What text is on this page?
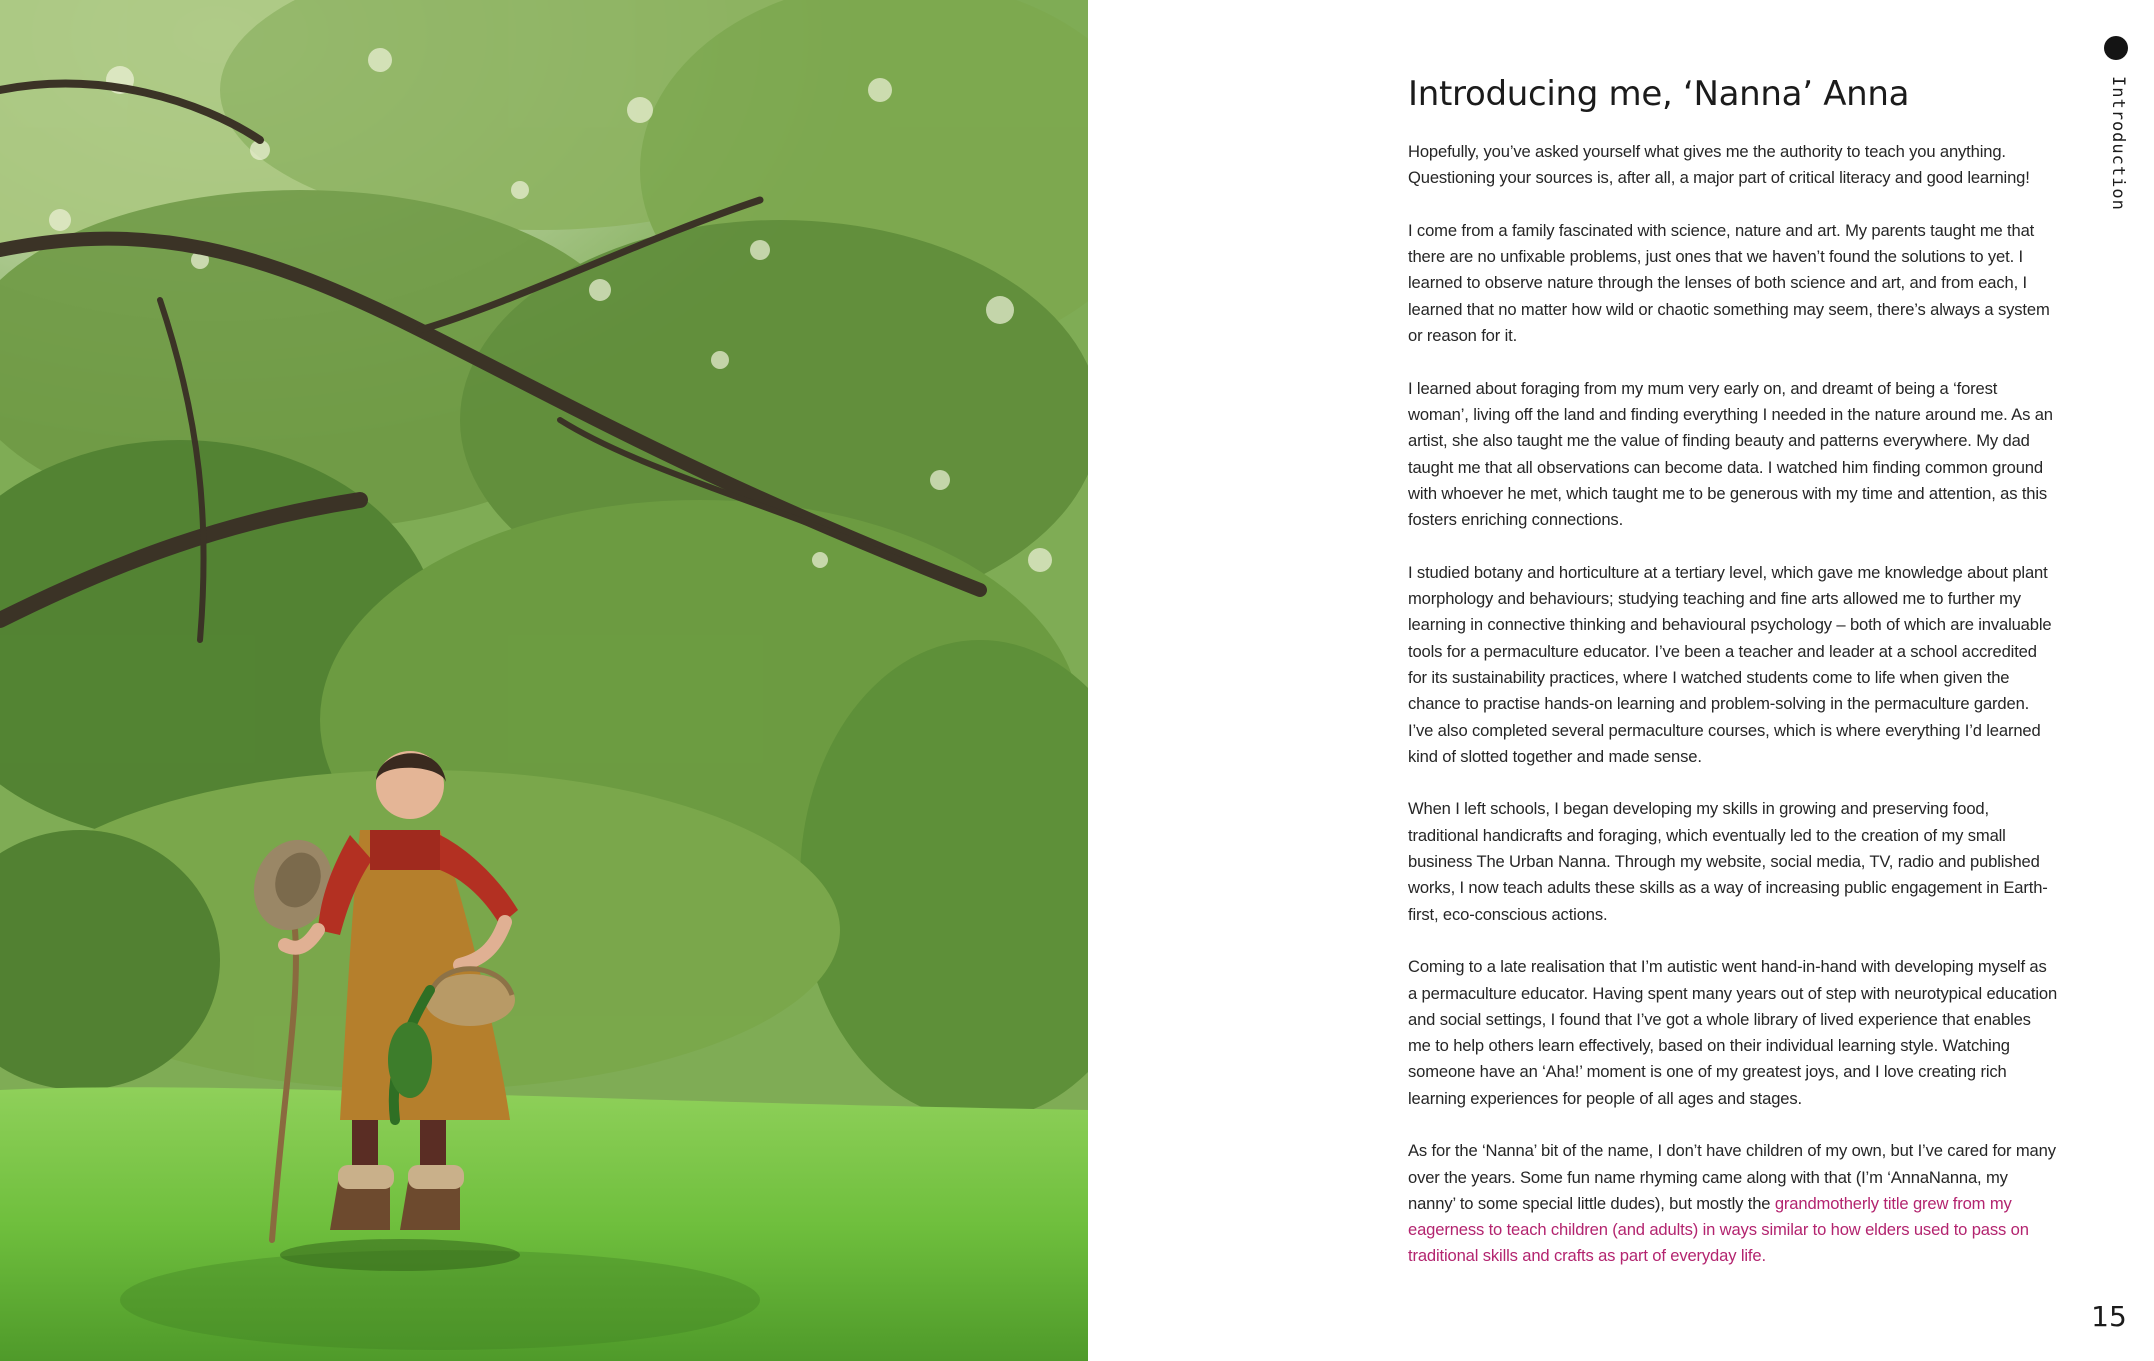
Introducing me, ‘Nanna’ Anna

Hopefully, you’ve asked yourself what gives me the authority to teach you anything. Questioning your sources is, after all, a major part of critical literacy and good learning!

I come from a family fascinated with science, nature and art. My parents taught me that there are no unfixable problems, just ones that we haven’t found the solutions to yet. I learned to observe nature through the lenses of both science and art, and from each, I learned that no matter how wild or chaotic something may seem, there’s always a system or reason for it.

I learned about foraging from my mum very early on, and dreamt of being a ‘forest woman’, living off the land and finding everything I needed in the nature around me. As an artist, she also taught me the value of finding beauty and patterns everywhere. My dad taught me that all observations can become data. I watched him finding common ground with whoever he met, which taught me to be generous with my time and attention, as this fosters enriching connections.

I studied botany and horticulture at a tertiary level, which gave me knowledge about plant morphology and behaviours; studying teaching and fine arts allowed me to further my learning in connective thinking and behavioural psychology – both of which are invaluable tools for a permaculture educator. I’ve been a teacher and leader at a school accredited for its sustainability practices, where I watched students come to life when given the chance to practise hands-on learning and problem-solving in the permaculture garden. I’ve also completed several permaculture courses, which is where everything I’d learned kind of slotted together and made sense.

When I left schools, I began developing my skills in growing and preserving food, traditional handicrafts and foraging, which eventually led to the creation of my small business The Urban Nanna. Through my website, social media, TV, radio and published works, I now teach adults these skills as a way of increasing public engagement in Earth-first, eco-conscious actions.

Coming to a late realisation that I’m autistic went hand-in-hand with developing myself as a permaculture educator. Having spent many years out of step with neurotypical education and social settings, I found that I’ve got a whole library of lived experience that enables me to help others learn effectively, based on their individual learning style. Watching someone have an ‘Aha!’ moment is one of my greatest joys, and I love creating rich learning experiences for people of all ages and stages.

As for the ‘Nanna’ bit of the name, I don’t have children of my own, but I’ve cared for many over the years. Some fun name rhyming came along with that (I’m ‘AnnaNanna, my nanny’ to some special little dudes), but mostly the grandmotherly title grew from my eagerness to teach children (and adults) in ways similar to how elders used to pass on traditional skills and crafts as part of everyday life.

Introduction
15
